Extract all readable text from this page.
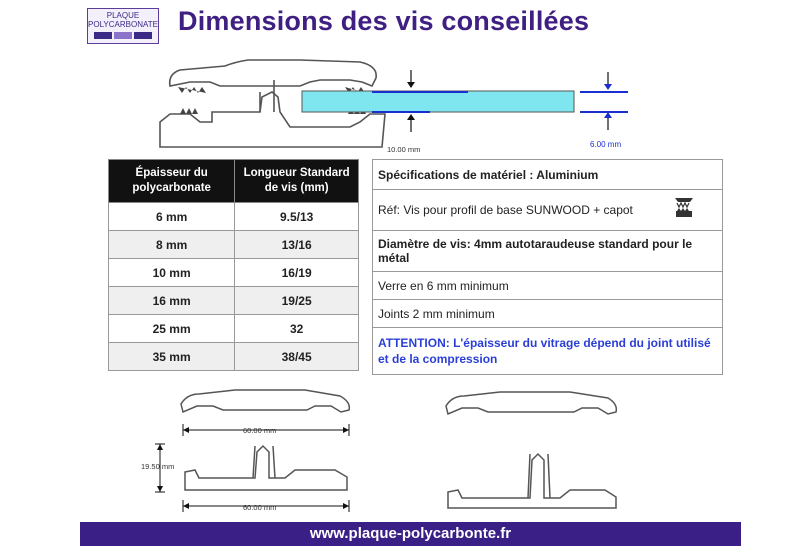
PLAQUE
POLYCARBONATE Dimensions des vis conseillées
10.00 mm
6.00 mm
Épaisseur du polycarbonate	Longueur Standard de vis (mm)
6 mm	9.5/13
8 mm	13/16
10 mm	16/19
16 mm	19/25
25 mm	32
35 mm	38/45
Spécifications de matériel : Aluminium
Réf: Vis pour profil de base SUNWOOD + capot

Diamètre de vis: 4mm autotaraudeuse standard pour le métal
Verre en 6 mm minimum
Joints 2 mm minimum
ATTENTION: L'épaisseur du vitrage dépend du joint utilisé et de la compression
60.00 mm
19.50 mm
60.00 mm
www.plaque-polycarbonte.fr
